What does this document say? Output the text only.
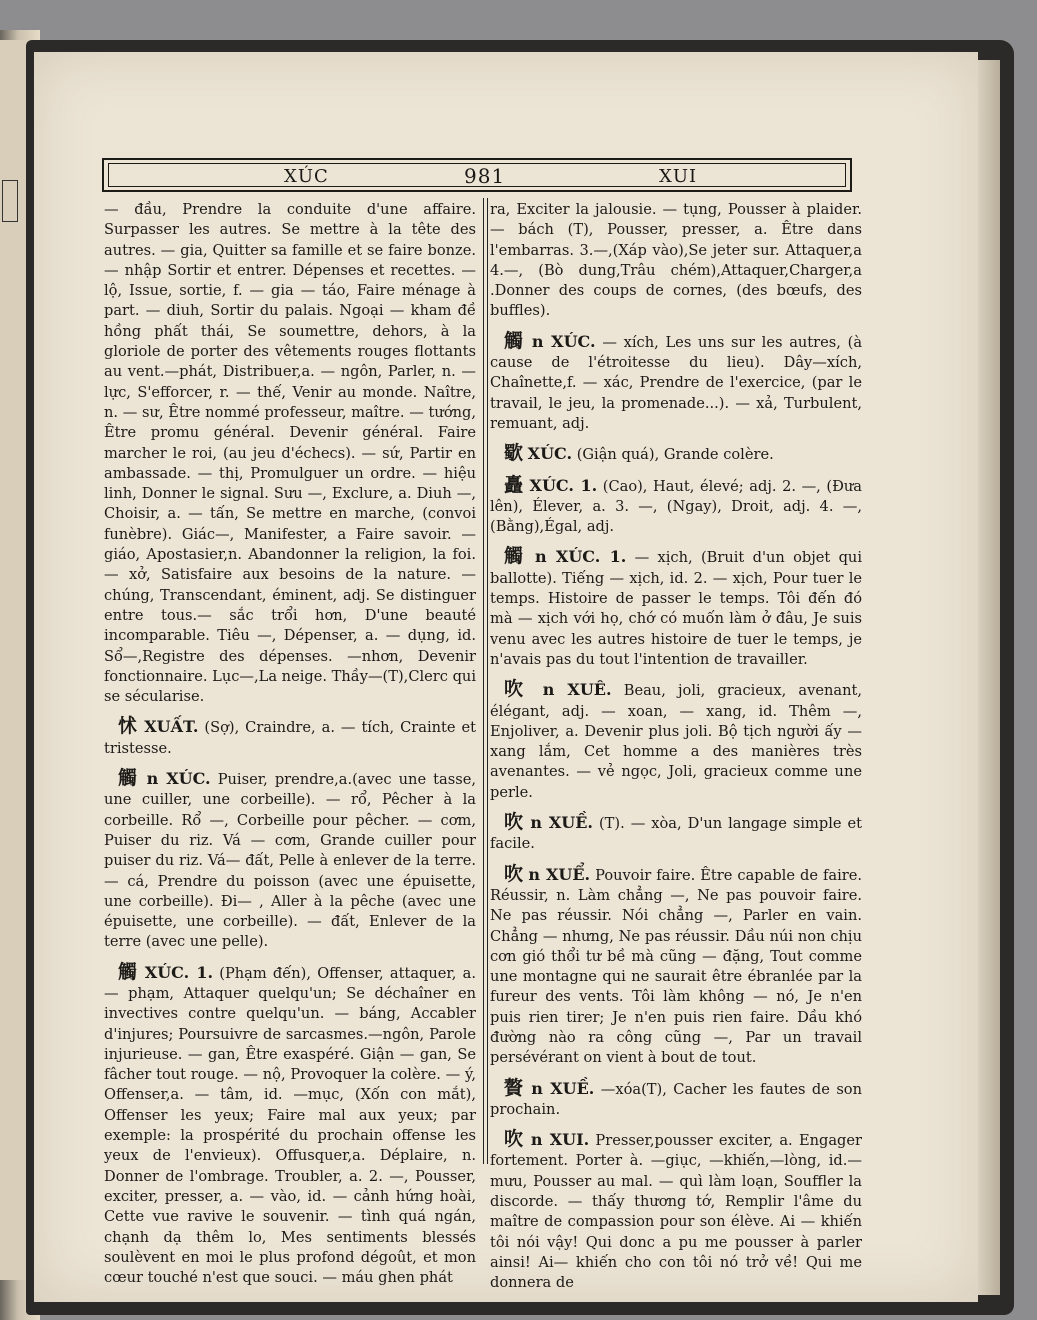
XÚC	981	XUI

— đầu, Prendre la conduite d'une affaire. Surpasser les autres. Se mettre à la tête des autres. — gia, Quitter sa famille et se faire bonze. — nhập Sortir et entrer. Dépenses et recettes. — lộ, Issue, sortie, f. — gia — táo, Faire ménage à part. — diuh, Sortir du palais. Ngoại — kham đề hồng phất thái, Se soumettre, dehors, à la gloriole de porter des vêtements rouges flottants au vent.—phát, Distribuer,a. — ngôn, Parler, n. — lực, S'efforcer, r. — thế, Venir au monde. Naître, n. — sư, Être nommé professeur, maître. — tướng, Être promu général. Devenir général. Faire marcher le roi, (au jeu d'échecs). — sứ, Partir en ambassade. — thị, Promulguer un ordre. — hiệu linh, Donner le signal. Sưu —, Exclure, a. Diuh —, Choisir, a. — tấn, Se mettre en marche, (convoi funèbre). Giác—, Manifester, a Faire savoir. —giáo, Apostasier,n. Abandonner la religion, la foi. — xở, Satisfaire aux besoins de la nature. — chúng, Transcendant, éminent, adj. Se distinguer entre tous.— sắc trổi hơn, D'une beauté incomparable. Tiêu —, Dépenser, a. — dụng, id. Sổ—,Registre des dépenses. —nhơn, Devenir fonctionnaire. Lục—,La neige. Thầy—(T),Clerc qui se sécularise.

怵 XUẤT. (Sợ), Craindre, a. — tích, Crainte et tristesse.

觸 n XÚC. Puiser, prendre,a.(avec une tasse, une cuiller, une corbeille). — rổ, Pêcher à la corbeille. Rổ —, Corbeille pour pêcher. — cơm, Puiser du riz. Vá — cơm, Grande cuiller pour puiser du riz. Vá— đất, Pelle à enlever de la terre. — cá, Prendre du poisson (avec une épuisette, une corbeille). Đi— , Aller à la pêche (avec une épuisette, une corbeille). — đất, Enlever de la terre (avec une pelle).

觸 XÚC. 1. (Phạm đến), Offenser, attaquer, a. — phạm, Attaquer quelqu'un; Se déchaîner en invectives contre quelqu'un. — báng, Accabler d'injures; Poursuivre de sarcasmes.—ngôn, Parole injurieuse. — gan, Être exaspéré. Giận — gan, Se fâcher tout rouge. — nộ, Provoquer la colère. — ý, Offenser,a. — tâm, id. —mục, (Xốn con mắt), Offenser les yeux; Faire mal aux yeux; par exemple: la prospérité du prochain offense les yeux de l'envieux). Offusquer,a. Déplaire, n. Donner de l'ombrage. Troubler, a. 2. —, Pousser, exciter, presser, a. — vào, id. — cảnh hứng hoài, Cette vue ravive le souvenir. — tình quá ngán, chạnh dạ thêm lo, Mes sentiments blessés soulèvent en moi le plus profond dégoût, et mon cœur touché n'est que souci. — máu ghen phát

ra, Exciter la jalousie. — tụng, Pousser à plaider. — bách (T), Pousser, presser, a. Être dans l'embarras. 3.—,(Xáp vào),Se jeter sur. Attaquer,a 4.—, (Bò dung,Trâu chém),Attaquer,Charger,a .Donner des coups de cornes, (des bœufs, des buffles).

觸 n XÚC. — xích, Les uns sur les autres, (à cause de l'étroitesse du lieu). Dây—xích, Chaînette,f. — xác, Prendre de l'exercice, (par le travail, le jeu, la promenade...). — xả, Turbulent, remuant, adj.

歜 XÚC. (Giận quá), Grande colère.

矗 XÚC. 1. (Cao), Haut, élevé; adj. 2. —, (Đưa lên), Élever, a. 3. —, (Ngay), Droit, adj. 4. —, (Bằng),Égal, adj.

觸 n XÚC. 1. — xịch, (Bruit d'un objet qui ballotte). Tiếng — xịch, id. 2. — xịch, Pour tuer le temps. Histoire de passer le temps. Tôi đến đó mà — xịch với họ, chớ có muốn làm ở đâu, Je suis venu avec les autres histoire de tuer le temps, je n'avais pas du tout l'intention de travailler.

吹 n XUÊ. Beau, joli, gracieux, avenant, élégant, adj. — xoan, — xang, id. Thêm —, Enjoliver, a. Devenir plus joli. Bộ tịch người ấy — xang lắm, Cet homme a des manières très avenantes. — vẻ ngọc, Joli, gracieux comme une perle.

吹 n XUỀ. (T). — xòa, D'un langage simple et facile.

吹 n XUỂ. Pouvoir faire. Être capable de faire. Réussir, n. Làm chẳng —, Ne pas pouvoir faire. Ne pas réussir. Nói chẳng —, Parler en vain. Chẳng — nhưng, Ne pas réussir. Dầu núi non chịu cơn gió thổi tư bề mà cũng — đặng, Tout comme une montagne qui ne saurait être ébranlée par la fureur des vents. Tôi làm không — nó, Je n'en puis rien tirer; Je n'en puis rien faire. Dầu khó đường nào ra công cũng —, Par un travail persévérant on vient à bout de tout.

贅 n XUỀ. —xóa(T), Cacher les fautes de son prochain.

吹 n XUI. Presser,pousser exciter, a. Engager fortement. Porter à. —giục, —khiến,—lòng, id.— mưu, Pousser au mal. — quì làm loạn, Souffler la discorde. — thấy thương tớ, Remplir l'âme du maître de compassion pour son élève. Ai — khiến tôi nói vậy! Qui donc a pu me pousser à parler ainsi! Ai— khiến cho con tôi nó trở về! Qui me donnera de
